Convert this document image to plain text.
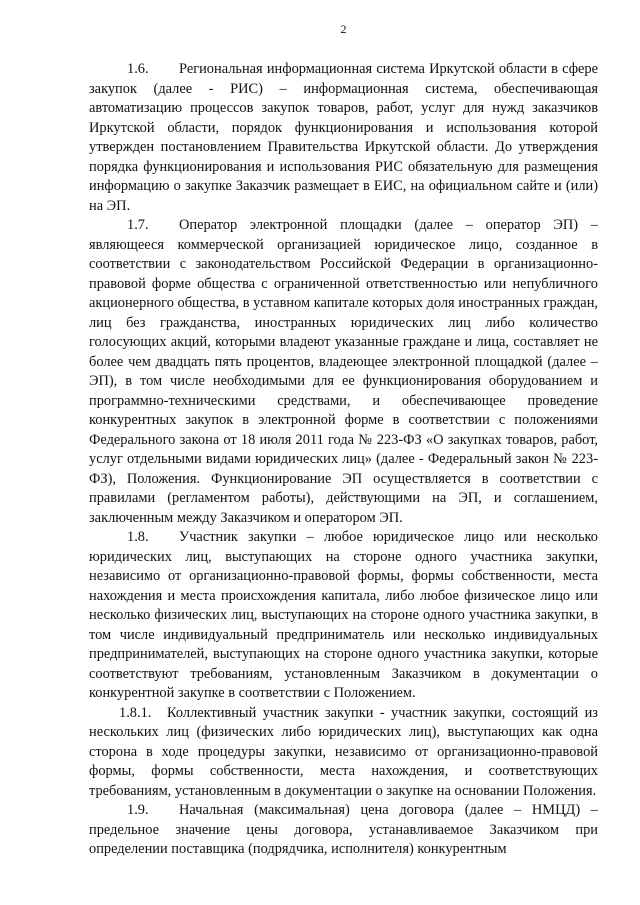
2

1.6. Региональная информационная система Иркутской области в сфере закупок (далее - РИС) – информационная система, обеспечивающая автоматизацию процессов закупок товаров, работ, услуг для нужд заказчиков Иркутской области, порядок функционирования и использования которой утвержден постановлением Правительства Иркутской области. До утверждения порядка функционирования и использования РИС обязательную для размещения информацию о закупке Заказчик размещает в ЕИС, на официальном сайте и (или) на ЭП.

1.7. Оператор электронной площадки (далее – оператор ЭП) – являющееся коммерческой организацией юридическое лицо, созданное в соответствии с законодательством Российской Федерации в организационно-правовой форме общества с ограниченной ответственностью или непубличного акционерного общества, в уставном капитале которых доля иностранных граждан, лиц без гражданства, иностранных юридических лиц либо количество голосующих акций, которыми владеют указанные граждане и лица, составляет не более чем двадцать пять процентов, владеющее электронной площадкой (далее – ЭП), в том числе необходимыми для ее функционирования оборудованием и программно-техническими средствами, и обеспечивающее проведение конкурентных закупок в электронной форме в соответствии с положениями Федерального закона от 18 июля 2011 года № 223-ФЗ «О закупках товаров, работ, услуг отдельными видами юридических лиц» (далее - Федеральный закон № 223-ФЗ), Положения. Функционирование ЭП осуществляется в соответствии с правилами (регламентом работы), действующими на ЭП, и соглашением, заключенным между Заказчиком и оператором ЭП.

1.8. Участник закупки – любое юридическое лицо или несколько юридических лиц, выступающих на стороне одного участника закупки, независимо от организационно-правовой формы, формы собственности, места нахождения и места происхождения капитала, либо любое физическое лицо или несколько физических лиц, выступающих на стороне одного участника закупки, в том числе индивидуальный предприниматель или несколько индивидуальных предпринимателей, выступающих на стороне одного участника закупки, которые соответствуют требованиям, установленным Заказчиком в документации о конкурентной закупке в соответствии с Положением.

1.8.1. Коллективный участник закупки - участник закупки, состоящий из нескольких лиц (физических либо юридических лиц), выступающих как одна сторона в ходе процедуры закупки, независимо от организационно-правовой формы, формы собственности, места нахождения, и соответствующих требованиям, установленным в документации о закупке на основании Положения.

1.9. Начальная (максимальная) цена договора (далее – НМЦД) – предельное значение цены договора, устанавливаемое Заказчиком при определении поставщика (подрядчика, исполнителя) конкурентным
